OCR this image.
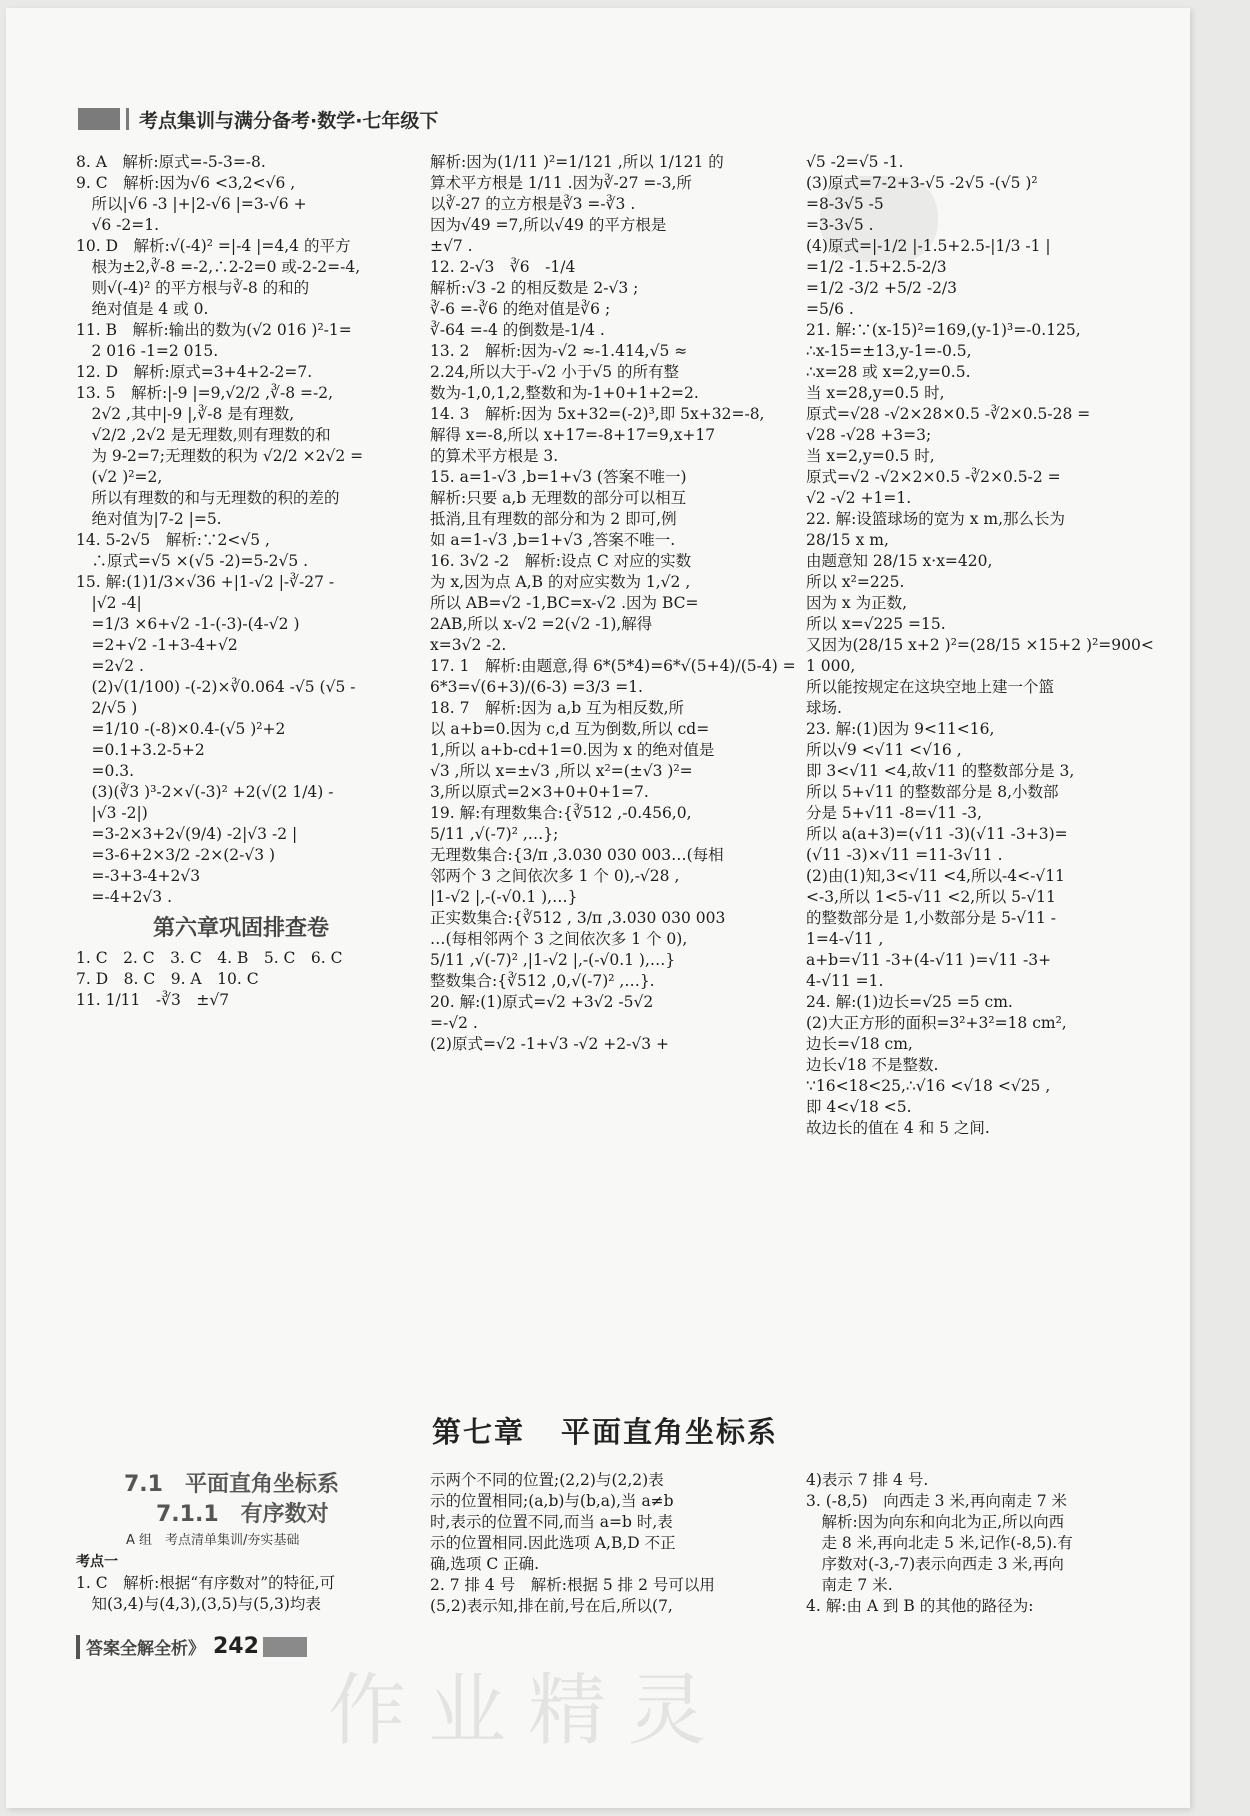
考点集训与满分备考·数学·七年级下
8. A　解析:原式=-5-3=-8.
9. C　解析:因为√6 <3,2<√6 ,
　所以|√6 -3 |+|2-√6 |=3-√6 +
　√6 -2=1.
10. D　解析:√(-4)² =|-4 |=4,4 的平方
　根为±2,∛-8 =-2,∴2-2=0 或-2-2=-4,
　则√(-4)² 的平方根与∛-8 的和的
　绝对值是 4 或 0.
11. B　解析:输出的数为(√2 016 )²-1=
　2 016 -1=2 015.
12. D　解析:原式=3+4+2-2=7.
13. 5　解析:|-9 |=9,√2/2 ,∛-8 =-2,
　2√2 ,其中|-9 |,∛-8 是有理数,
　√2/2 ,2√2 是无理数,则有理数的和
　为 9-2=7;无理数的积为 √2/2 ×2√2 =
　(√2 )²=2,
　所以有理数的和与无理数的积的差的
　绝对值为|7-2 |=5.
14. 5-2√5　解析:∵2<√5 ,
　∴原式=√5 ×(√5 -2)=5-2√5 .
15. 解:(1)1/3×√36 +|1-√2 |-∛-27 -
　|√2 -4|
　=1/3 ×6+√2 -1-(-3)-(4-√2 )
　=2+√2 -1+3-4+√2
　=2√2 .
　(2)√(1/100) -(-2)×∛0.064 -√5 (√5 -
　2/√5 )
　=1/10 -(-8)×0.4-(√5 )²+2
　=0.1+3.2-5+2
　=0.3.
　(3)(∛3 )³-2×√(-3)² +2(√(2 1/4) -
　|√3 -2|)
　=3-2×3+2√(9/4) -2|√3 -2 |
　=3-6+2×3/2 -2×(2-√3 )
　=-3+3-4+2√3
　=-4+2√3 .
第六章巩固排查卷
1. C　2. C　3. C　4. B　5. C　6. C
7. D　8. C　9. A　10. C
11. 1/11　-∛3　±√7
解析:因为(1/11 )²=1/121 ,所以 1/121 的
算术平方根是 1/11 .因为∛-27 =-3,所
以∛-27 的立方根是∛3 =-∛3 .
因为√49 =7,所以√49 的平方根是
±√7 .
12. 2-√3　∛6　-1/4
解析:√3 -2 的相反数是 2-√3 ;
∛-6 =-∛6 的绝对值是∛6 ;
∛-64 =-4 的倒数是-1/4 .
13. 2　解析:因为-√2 ≈-1.414,√5 ≈
2.24,所以大于-√2 小于√5 的所有整
数为-1,0,1,2,整数和为-1+0+1+2=2.
14. 3　解析:因为 5x+32=(-2)³,即 5x+32=-8,
解得 x=-8,所以 x+17=-8+17=9,x+17
的算术平方根是 3.
15. a=1-√3 ,b=1+√3 (答案不唯一)
解析:只要 a,b 无理数的部分可以相互
抵消,且有理数的部分和为 2 即可,例
如 a=1-√3 ,b=1+√3 ,答案不唯一.
16. 3√2 -2　解析:设点 C 对应的实数
为 x,因为点 A,B 的对应实数为 1,√2 ,
所以 AB=√2 -1,BC=x-√2 .因为 BC=
2AB,所以 x-√2 =2(√2 -1),解得
x=3√2 -2.
17. 1　解析:由题意,得 6*(5*4)=6*√(5+4)/(5-4) =
6*3=√(6+3)/(6-3) =3/3 =1.
18. 7　解析:因为 a,b 互为相反数,所
以 a+b=0.因为 c,d 互为倒数,所以 cd=
1,所以 a+b-cd+1=0.因为 x 的绝对值是
√3 ,所以 x=±√3 ,所以 x²=(±√3 )²=
3,所以原式=2×3+0+0+1=7.
19. 解:有理数集合:{∛512 ,-0.456,0,
5/11 ,√(-7)² ,…};
无理数集合:{3/π ,3.030 030 003…(每相
邻两个 3 之间依次多 1 个 0),-√28 ,
|1-√2 |,-(-√0.1 ),…}
正实数集合:{∛512 , 3/π ,3.030 030 003
…(每相邻两个 3 之间依次多 1 个 0),
5/11 ,√(-7)² ,|1-√2 |,-(-√0.1 ),…}
整数集合:{∛512 ,0,√(-7)² ,…}.
20. 解:(1)原式=√2 +3√2 -5√2
=-√2 .
(2)原式=√2 -1+√3 -√2 +2-√3 +
√5 -2=√5 -1.
(3)原式=7-2+3-√5 -2√5 -(√5 )²
=8-3√5 -5
=3-3√5 .
(4)原式=|-1/2 |-1.5+2.5-|1/3 -1 |
=1/2 -1.5+2.5-2/3
=1/2 -3/2 +5/2 -2/3
=5/6 .
21. 解:∵(x-15)²=169,(y-1)³=-0.125,
∴x-15=±13,y-1=-0.5,
∴x=28 或 x=2,y=0.5.
当 x=28,y=0.5 时,
原式=√28 -√2×28×0.5 -∛2×0.5-28 =
√28 -√28 +3=3;
当 x=2,y=0.5 时,
原式=√2 -√2×2×0.5 -∛2×0.5-2 =
√2 -√2 +1=1.
22. 解:设篮球场的宽为 x m,那么长为
28/15 x m,
由题意知 28/15 x·x=420,
所以 x²=225.
因为 x 为正数,
所以 x=√225 =15.
又因为(28/15 x+2 )²=(28/15 ×15+2 )²=900<
1 000,
所以能按规定在这块空地上建一个篮
球场.
23. 解:(1)因为 9<11<16,
所以√9 <√11 <√16 ,
即 3<√11 <4,故√11 的整数部分是 3,
所以 5+√11 的整数部分是 8,小数部
分是 5+√11 -8=√11 -3,
所以 a(a+3)=(√11 -3)(√11 -3+3)=
(√11 -3)×√11 =11-3√11 .
(2)由(1)知,3<√11 <4,所以-4<-√11
<-3,所以 1<5-√11 <2,所以 5-√11
的整数部分是 1,小数部分是 5-√11 -
1=4-√11 ,
a+b=√11 -3+(4-√11 )=√11 -3+
4-√11 =1.
24. 解:(1)边长=√25 =5 cm.
(2)大正方形的面积=3²+3²=18 cm²,
边长=√18 cm,
边长√18 不是整数.
∵16<18<25,∴√16 <√18 <√25 ,
即 4<√18 <5.
故边长的值在 4 和 5 之间.
第七章 平面直角坐标系
7.1　平面直角坐标系
7.1.1　有序数对
A 组　考点清单集训/夯实基础
考点一
1. C　解析:根据“有序数对”的特征,可
　知(3,4)与(4,3),(3,5)与(5,3)均表
示两个不同的位置;(2,2)与(2,2)表
示的位置相同;(a,b)与(b,a),当 a≠b
时,表示的位置不同,而当 a=b 时,表
示的位置相同.因此选项 A,B,D 不正
确,选项 C 正确.
2. 7 排 4 号　解析:根据 5 排 2 号可以用
(5,2)表示知,排在前,号在后,所以(7,
4)表示 7 排 4 号.
3. (-8,5)　向西走 3 米,再向南走 7 米
　解析:因为向东和向北为正,所以向西
　走 8 米,再向北走 5 米,记作(-8,5).有
　序数对(-3,-7)表示向西走 3 米,再向
　南走 7 米.
4. 解:由 A 到 B 的其他的路径为:
答案全解全析 》 242
作业精灵
